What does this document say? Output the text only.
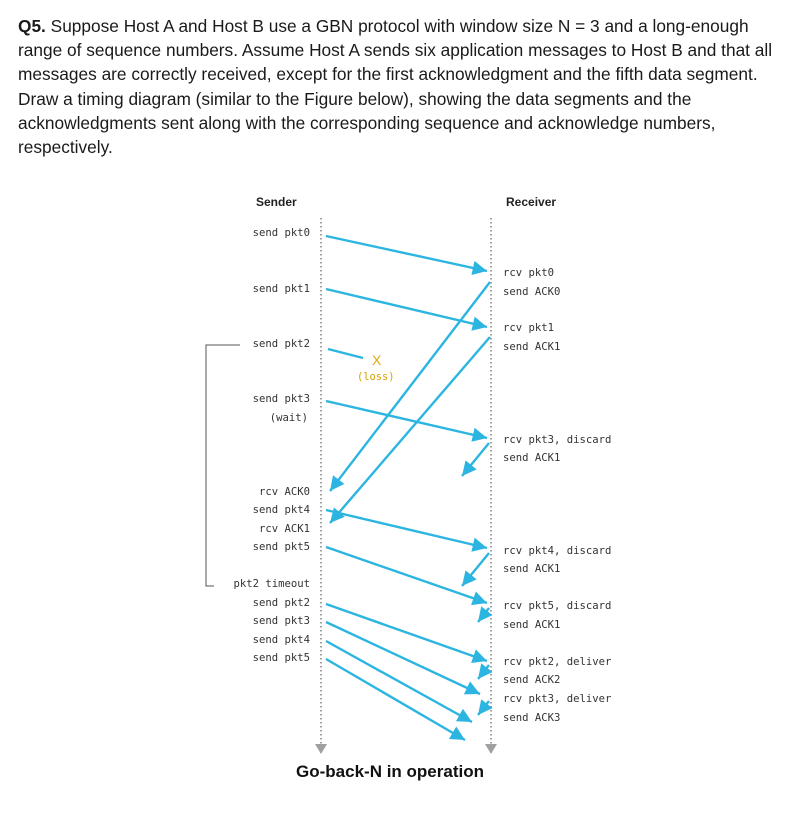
Q5. Suppose Host A and Host B use a GBN protocol with window size N = 3 and a long-enough range of sequence numbers. Assume Host A sends six application messages to Host B and that all messages are correctly received, except for the first acknowledgment and the fifth data segment. Draw a timing diagram (similar to the Figure below), showing the data segments and the acknowledgments sent along with the corresponding sequence and acknowledge numbers, respectively.

Sender	Receiver
send pkt0
send pkt1
send pkt2
send pkt3
(wait)
rcv ACK0
send pkt4
rcv ACK1
send pkt5
pkt2 timeout
send pkt2
send pkt3
send pkt4
send pkt5
rcv pkt0
send ACK0
rcv pkt1
send ACK1
rcv pkt3, discard
send ACK1
rcv pkt4, discard
send ACK1
rcv pkt5, discard
send ACK1
rcv pkt2, deliver
send ACK2
rcv pkt3, deliver
send ACK3
X
(loss)
Go-back-N in operation
